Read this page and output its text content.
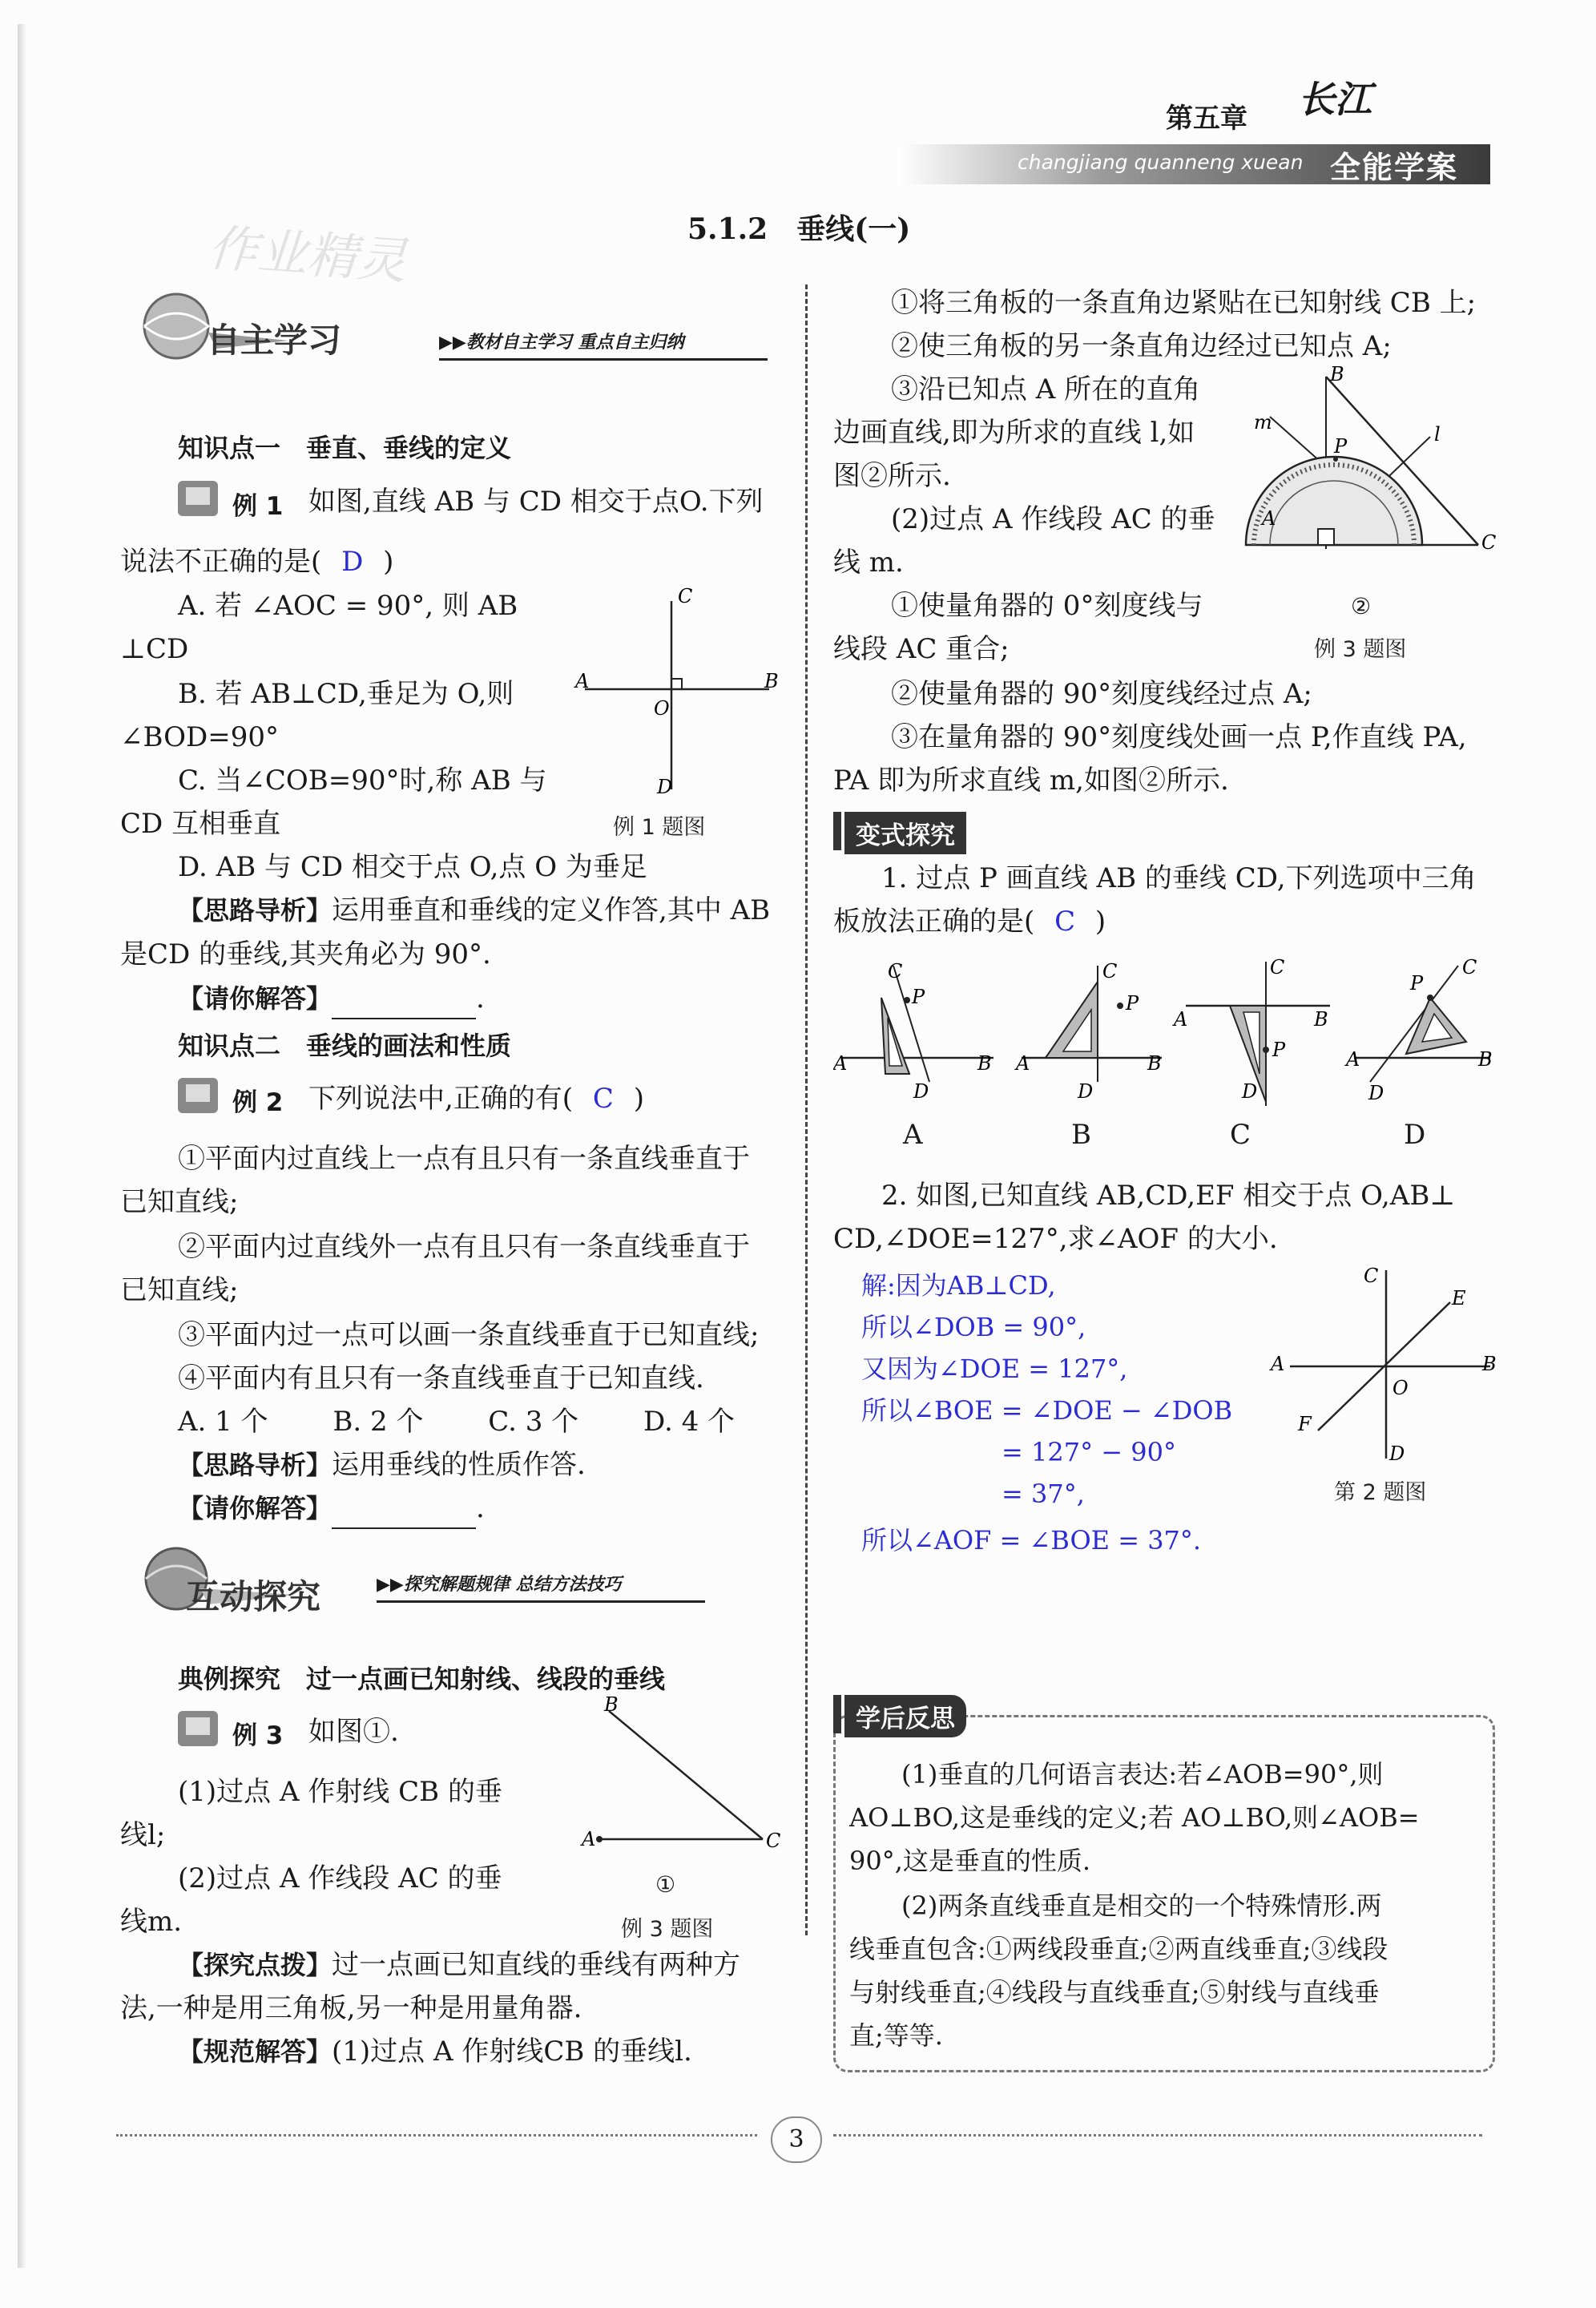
第五章 长江
changjiang quanneng xuean 全能学案
作业精灵	5.1.2　垂线(一)
自主学习	▶▶教材自主学习 重点自主归纳
知识点一　垂直、垂线的定义
例 1 如图,直线 AB 与 CD 相交于点O.下列
说法不正确的是( D )
A. 若 ∠AOC = 90°, 则 AB
⊥CD
B. 若 AB⊥CD,垂足为 O,则
∠BOD=90°
C. 当∠COB=90°时,称 AB 与
CD 互相垂直
D. AB 与 CD 相交于点 O,点 O 为垂足
A	B
C
D
O
例 1 题图
【思路导析】运用垂直和垂线的定义作答,其中 AB
是CD 的垂线,其夹角必为 90°.
【请你解答】	.
知识点二　垂线的画法和性质
例 2 下列说法中,正确的有( C )
①平面内过直线上一点有且只有一条直线垂直于
已知直线;
②平面内过直线外一点有且只有一条直线垂直于
已知直线;
③平面内过一点可以画一条直线垂直于已知直线;
④平面内有且只有一条直线垂直于已知直线.
A. 1 个 B. 2 个 C. 3 个 D. 4 个
【思路导析】运用垂线的性质作答.
【请你解答】	.
互动探究	▶▶探究解题规律 总结方法技巧
典例探究　过一点画已知射线、线段的垂线
例 3 如图①.
(1)过点 A 作射线 CB 的垂
线l;
(2)过点 A 作线段 AC 的垂
线m.
B
A	C
①
例 3 题图
【探究点拨】过一点画已知直线的垂线有两种方
法,一种是用三角板,另一种是用量角器.
【规范解答】(1)过点 A 作射线CB 的垂线l.
①将三角板的一条直角边紧贴在已知射线 CB 上;
②使三角板的另一条直角边经过已知点 A;
③沿已知点 A 所在的直角
边画直线,即为所求的直线 l,如
图②所示.
(2)过点 A 作线段 AC 的垂
线 m.
①使量角器的 0°刻度线与
线段 AC 重合;
②使量角器的 90°刻度线经过点 A;
③在量角器的 90°刻度线处画一点 P,作直线 PA,
PA 即为所求直线 m,如图②所示.
B
m
P
l
C
A
②
例 3 题图
变式探究
1. 过点 P 画直线 AB 的垂线 CD,下列选项中三角
板放法正确的是( C )
C
P
A	B
D
C
P
A	B
D
C
P
A	B
D
C
P
A	B
D
A	B	C	D
2. 如图,已知直线 AB,CD,EF 相交于点 O,AB⊥
CD,∠DOE=127°,求∠AOF 的大小.
解:因为AB⊥CD,
所以∠DOB = 90°,
又因为∠DOE = 127°,
所以∠BOE = ∠DOE − ∠DOB
= 127° − 90°
= 37°,
所以∠AOF = ∠BOE = 37°.
C
E
A	B
O
F
D
第 2 题图
学后反思
(1)垂直的几何语言表达:若∠AOB=90°,则
AO⊥BO,这是垂线的定义;若 AO⊥BO,则∠AOB=
90°,这是垂直的性质.
(2)两条直线垂直是相交的一个特殊情形.两
线垂直包含:①两线段垂直;②两直线垂直;③线段
与射线垂直;④线段与直线垂直;⑤射线与直线垂
直;等等.
3
